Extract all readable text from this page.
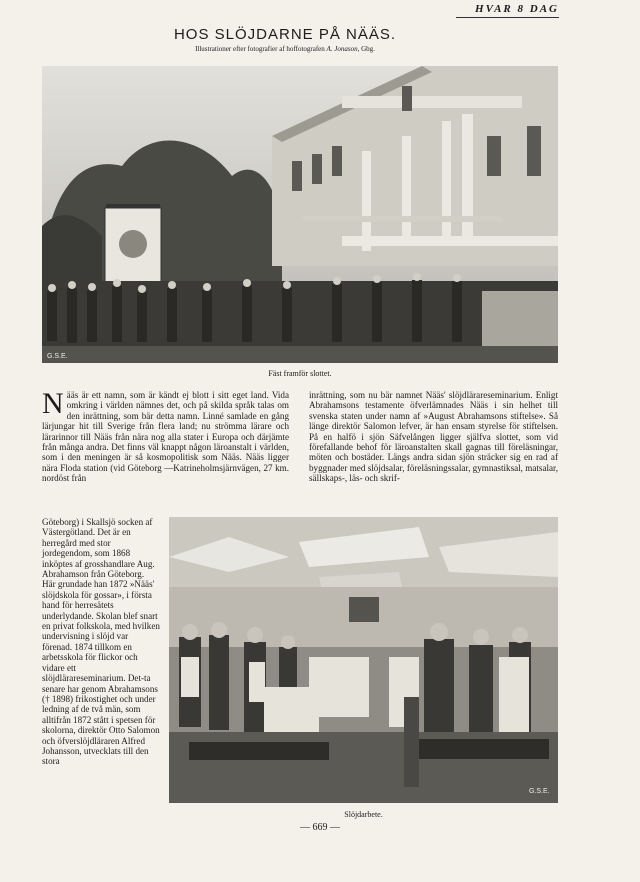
HVAR 8 DAG
HOS SLÖJDARNE PÅ NÄÄS.
Illustrationer efter fotografier af hoffotografen A. Jonason, Gbg.
G.S.E.
Fäst framför slottet.
Nääs är ett namn, som är kändt ej blott i sitt eget land. Vida omkring i världen nämnes det, och på skilda språk talas om den inrättning, som bär detta namn. Linné samlade en gång lärjungar hit till Sverige från flera land; nu strömma lärare och lärarinnor till Nääs från nära nog alla stater i Europa och därjämte från många andra. Det finns väl knappt någon läroanstalt i världen, som i den meningen är så kosmopolitisk som Nääs. Nääs ligger nära Floda station (vid Göteborg —Katrineholmsjärnvägen, 27 km. nordöst från
Göteborg) i Skallsjö socken af Västergötland. Det är en herregård med stor jordegendom, som 1868 inköptes af grosshandlare Aug. Abrahamson från Göteborg. Här grundade han 1872 »Nääs' slöjdskola för gossar», i första hand för herresätets underlydande. Skolan blef snart en privat folkskola, med hvilken undervisning i slöjd var förenad. 1874 tillkom en arbetsskola för flickor och vidare ett slöjdlärareseminarium. Det-ta senare har genom Abrahamsons († 1898) frikostighet och under ledning af de två män, som alltifrån 1872 stått i spetsen för skolorna, direktör Otto Salomon och öfverslöjdläraren Alfred Johansson, utvecklats till den stora
inrättning, som nu bär namnet Nääs' slöjdlärareseminarium. Enligt Abrahamsons testamente öfverlämnades Nääs i sin helhet till svenska staten under namn af »August Abrahamsons stiftelse». Så länge direktör Salomon lefver, är han ensam styrelse för stiftelsen. På en halfö i sjön Säfvelången ligger själfva slottet, som vid förefallande behof för läroanstalten skall gagnas till föreläsningar, möten och bostäder. Längs andra sidan sjön sträcker sig en rad af byggnader med slöjdsalar, föreläsningssalar, gymnastiksal, matsalar, sällskaps-, läs- och skrif-
G.S.E.
Slöjdarbete.
— 669 —
